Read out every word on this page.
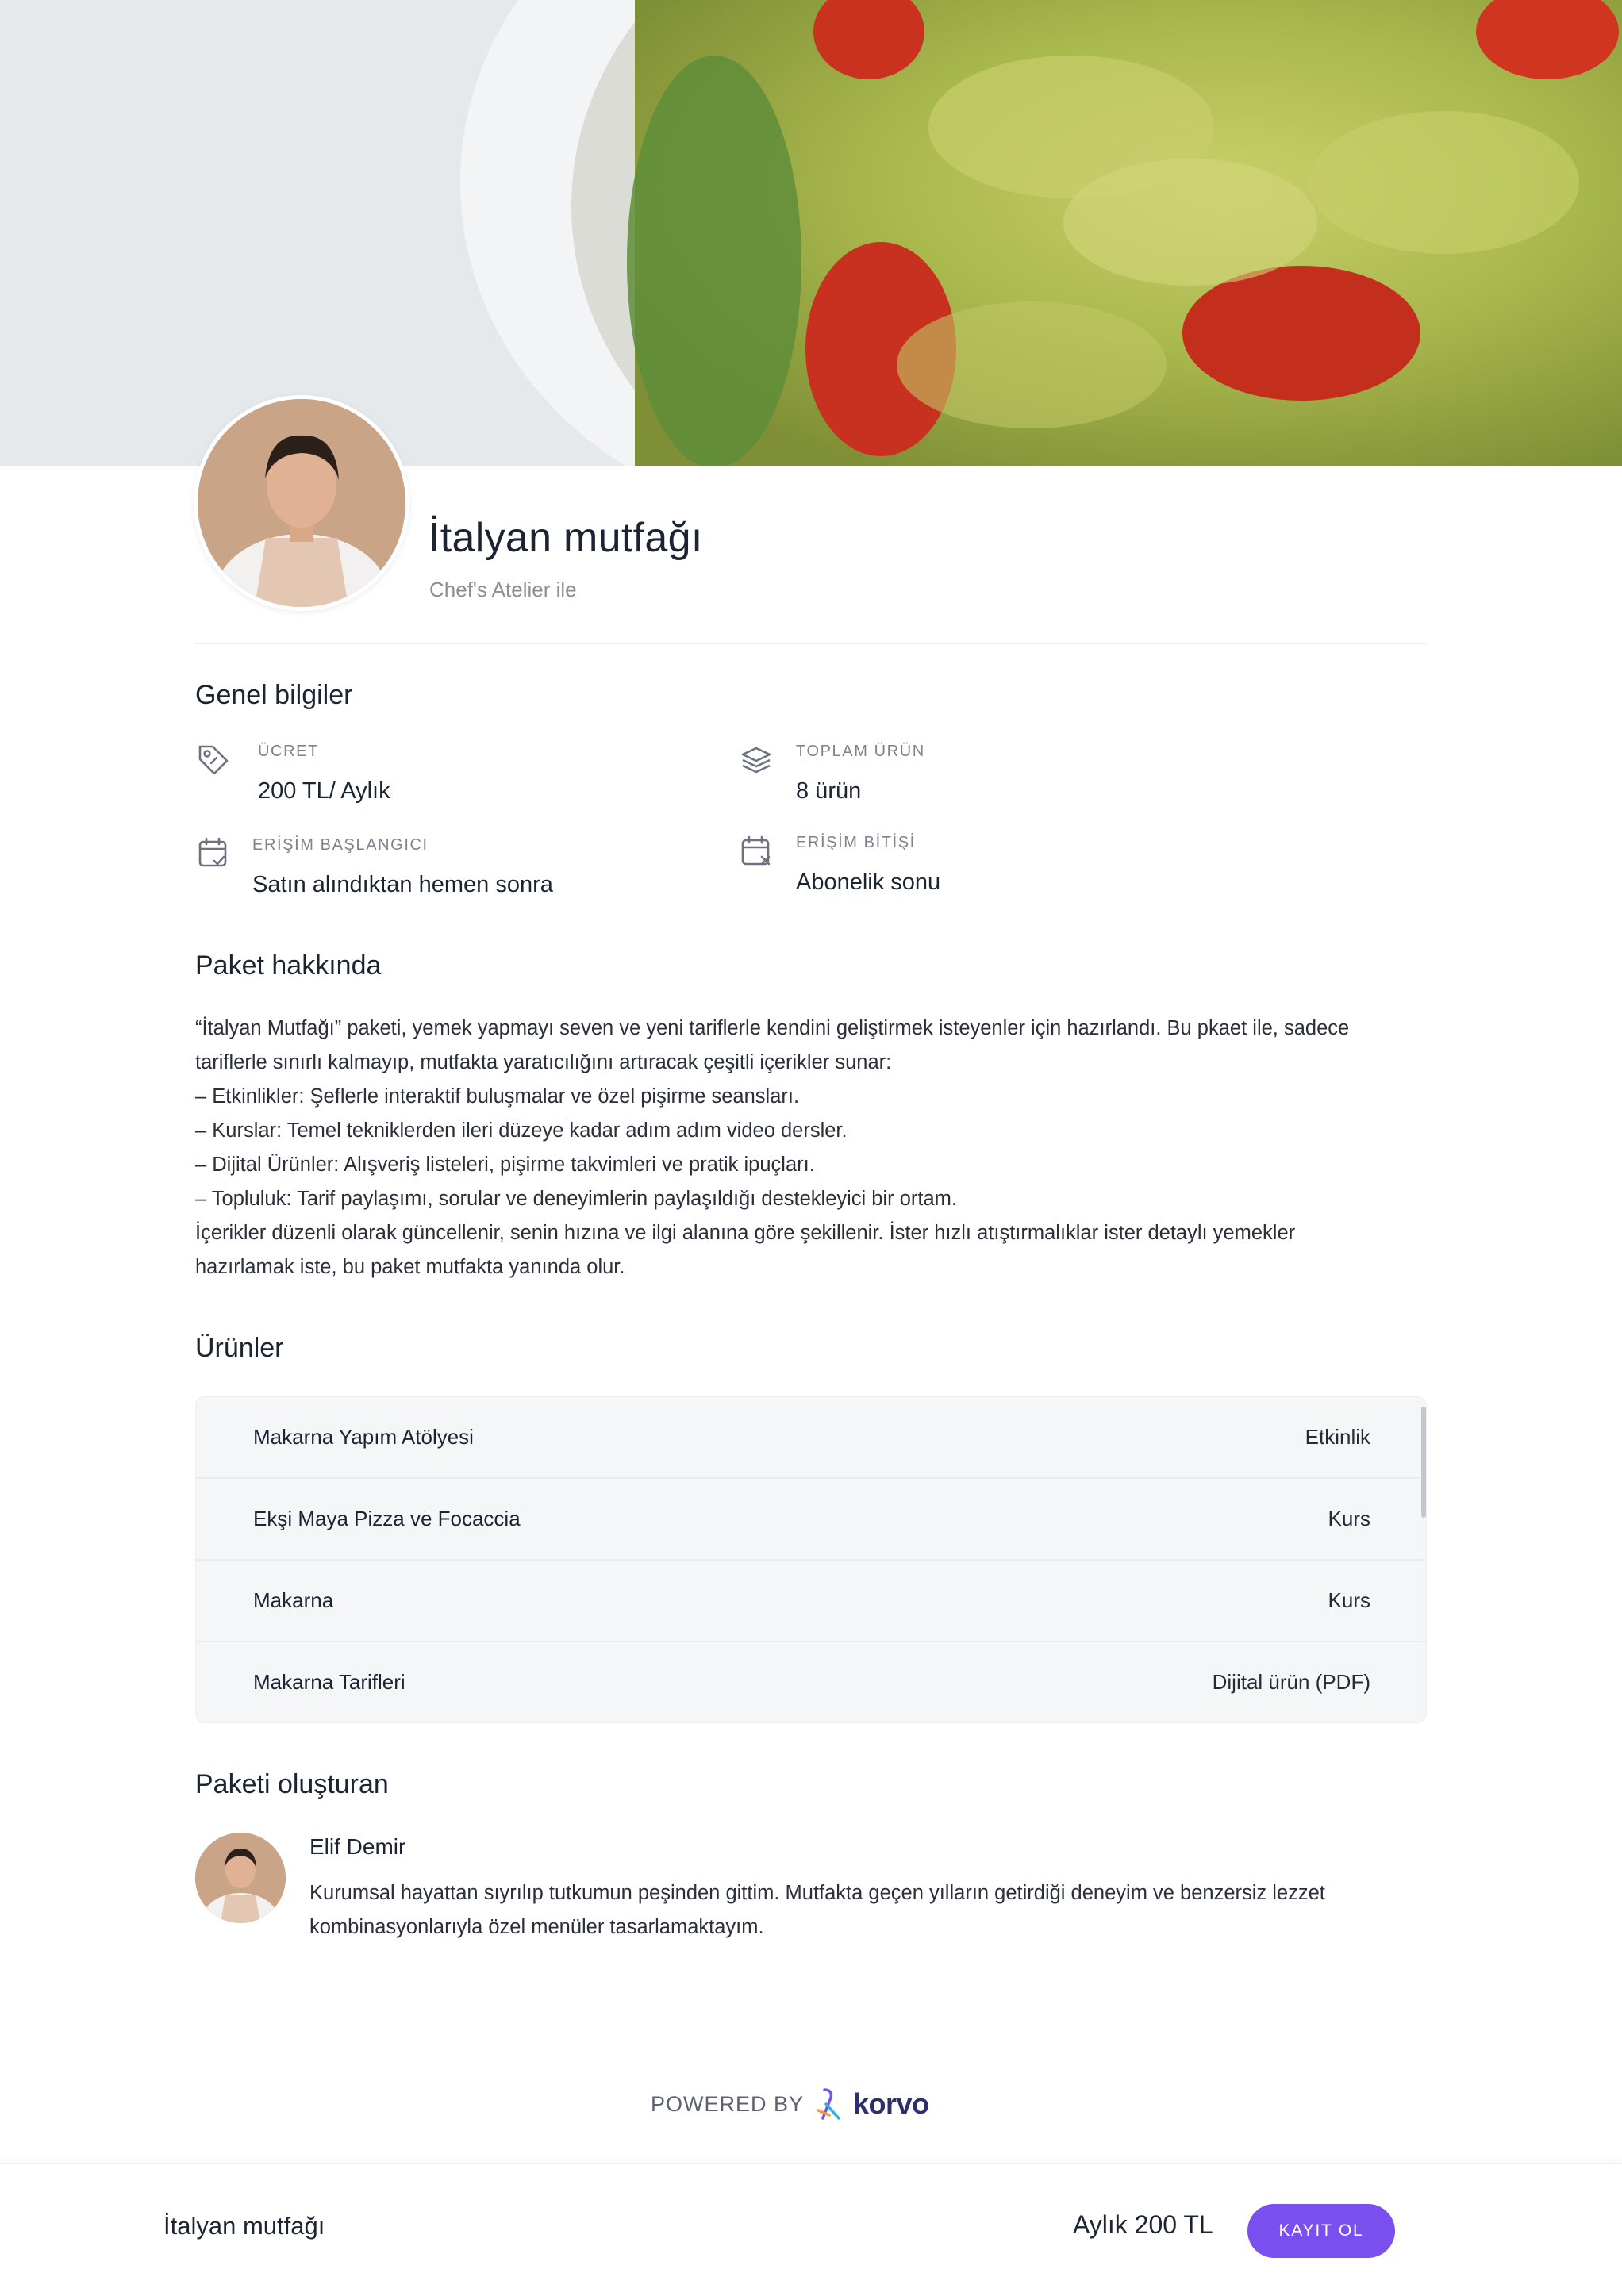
İtalyan mutfağı
Chef's Atelier ile
Genel bilgiler
ÜCRET
200 TL/ Aylık
TOPLAM ÜRÜN
8 ürün
ERİŞİM BAŞLANGICI
Satın alındıktan hemen sonra
ERİŞİM BİTİŞİ
Abonelik sonu
Paket hakkında

“İtalyan Mutfağı” paketi, yemek yapmayı seven ve yeni tariflerle kendini geliştirmek isteyenler için hazırlandı. Bu pkaet ile, sadece

tariflerle sınırlı kalmayıp, mutfakta yaratıcılığını artıracak çeşitli içerikler sunar:

– Etkinlikler: Şeflerle interaktif buluşmalar ve özel pişirme seansları.

– Kurslar: Temel tekniklerden ileri düzeye kadar adım adım video dersler.

– Dijital Ürünler: Alışveriş listeleri, pişirme takvimleri ve pratik ipuçları.

– Topluluk: Tarif paylaşımı, sorular ve deneyimlerin paylaşıldığı destekleyici bir ortam.

İçerikler düzenli olarak güncellenir, senin hızına ve ilgi alanına göre şekillenir. İster hızlı atıştırmalıklar ister detaylı yemekler

hazırlamak iste, bu paket mutfakta yanında olur.

Ürünler
Makarna Yapım Atölyesi	Etkinlik
Ekşi Maya Pizza ve Focaccia	Kurs
Makarna	Kurs
Makarna Tarifleri	Dijital ürün (PDF)
Paketi oluşturan
Elif Demir

Kurumsal hayattan sıyrılıp tutkumun peşinden gittim. Mutfakta geçen yılların getirdiği deneyim ve benzersiz lezzet

kombinasyonlarıyla özel menüler tasarlamaktayım.

POWERED BY korvo
İtalyan mutfağı	Aylık 200 TL	KAYIT OL
